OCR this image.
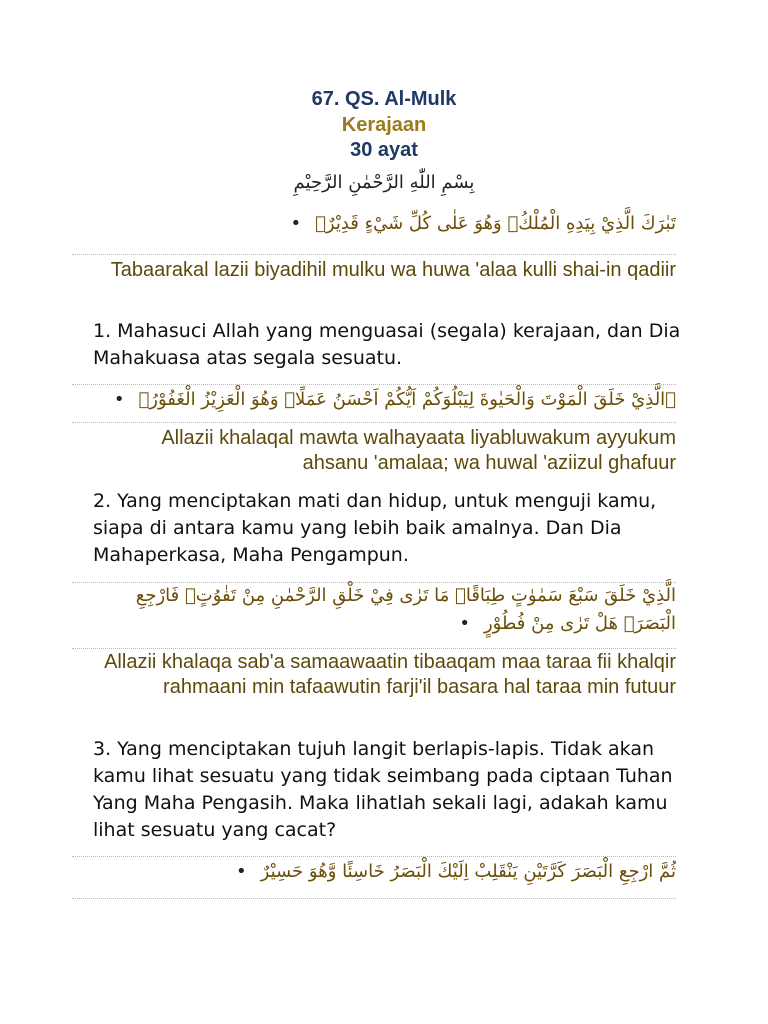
67. QS. Al-Mulk
Kerajaan
30 ayat
بِسْمِ اللّٰهِ الرَّحْمٰنِ الرَّحِيْمِ
تَبٰرَكَ الَّذِيْ بِيَدِهِ الْمُلْكُۖ وَهُوَ عَلٰى كُلِّ شَيْءٍ قَدِيْرٌۙ•
Tabaarakal lazii biyadihil mulku wa huwa 'alaa kulli shai-in qadiir
1. Mahasuci Allah yang menguasai (segala) kerajaan, dan Dia Mahakuasa atas segala sesuatu.
ۨالَّذِيْ خَلَقَ الْمَوْتَ وَالْحَيٰوةَ لِيَبْلُوَكُمْ اَيُّكُمْ اَحْسَنُ عَمَلًاۗ وَهُوَ الْعَزِيْزُ الْغَفُوْرُۙ•
Allazii khalaqal mawta walhayaata liyabluwakum ayyukum ahsanu 'amalaa; wa huwal 'aziizul ghafuur
2. Yang menciptakan mati dan hidup, untuk menguji kamu, siapa di antara kamu yang lebih baik amalnya. Dan Dia Mahaperkasa, Maha Pengampun.
الَّذِيْ خَلَقَ سَبْعَ سَمٰوٰتٍ طِبَاقًاۗ مَا تَرٰى فِيْ خَلْقِ الرَّحْمٰنِ مِنْ تَفٰوُتٍۗ فَارْجِعِ الْبَصَرَۙ هَلْ تَرٰى مِنْ فُطُوْرٍ•
Allazii khalaqa sab'a samaawaatin tibaaqam maa taraa fii khalqir rahmaani min tafaawutin farji'il basara hal taraa min futuur
3. Yang menciptakan tujuh langit berlapis-lapis. Tidak akan kamu lihat sesuatu yang tidak seimbang pada ciptaan Tuhan Yang Maha Pengasih. Maka lihatlah sekali lagi, adakah kamu lihat sesuatu yang cacat?
ثُمَّ ارْجِعِ الْبَصَرَ كَرَّتَيْنِ يَنْقَلِبْ اِلَيْكَ الْبَصَرُ خَاسِئًا وَّهُوَ حَسِيْرٌ•
